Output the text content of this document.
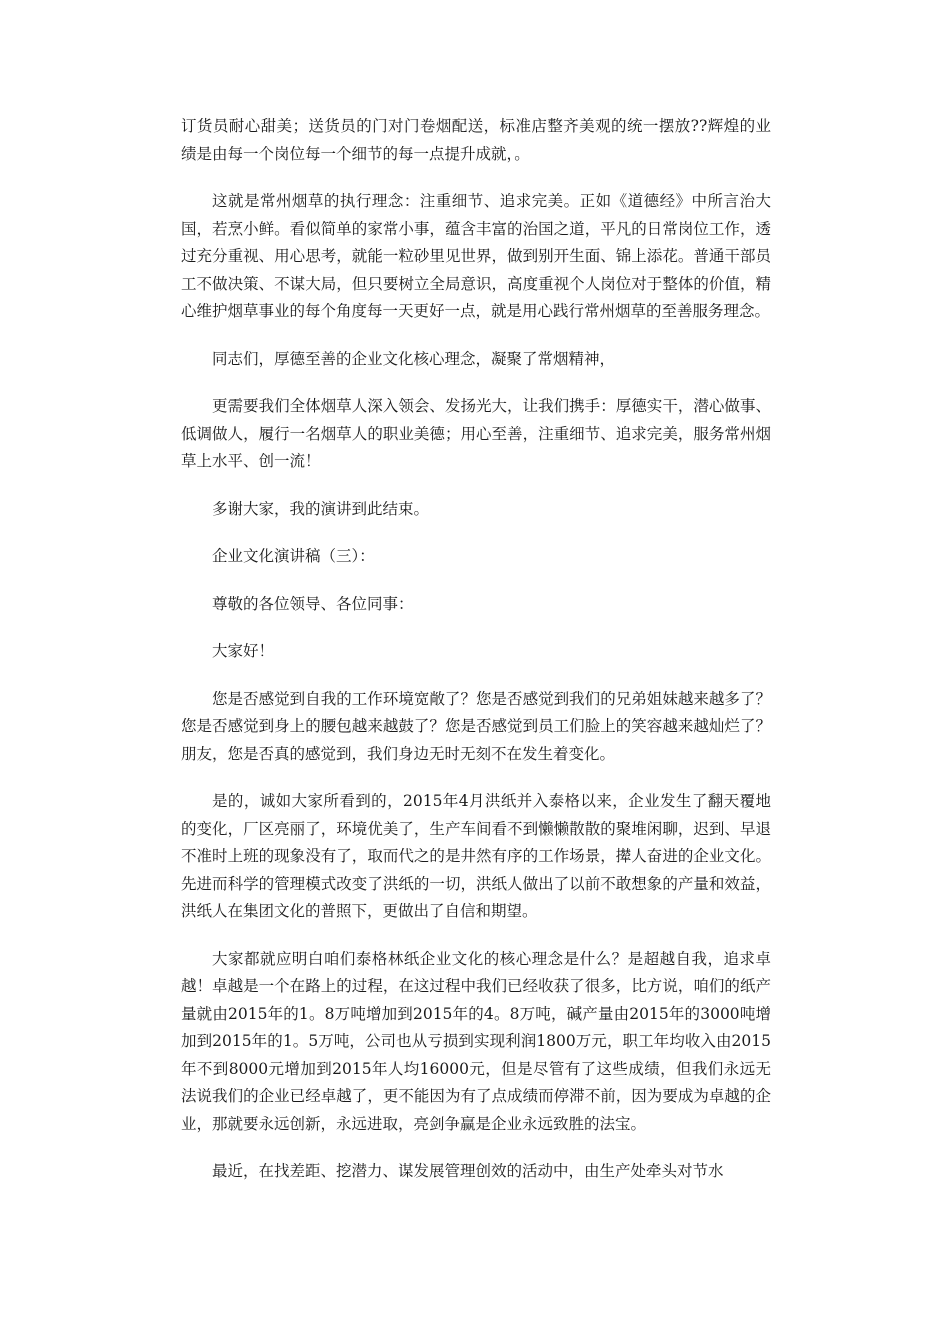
订货员耐心甜美；送货员的门对门卷烟配送，标准店整齐美观的统一摆放??辉煌的业绩是由每一个岗位每一个细节的每一点提升成就，。

这就是常州烟草的执行理念：注重细节、追求完美。正如《道德经》中所言治大国，若烹小鲜。看似简单的家常小事，蕴含丰富的治国之道，平凡的日常岗位工作，透过充分重视、用心思考，就能一粒砂里见世界，做到别开生面、锦上添花。普通干部员工不做决策、不谋大局，但只要树立全局意识，高度重视个人岗位对于整体的价值，精心维护烟草事业的每个角度每一天更好一点，就是用心践行常州烟草的至善服务理念。

同志们，厚德至善的企业文化核心理念，凝聚了常烟精神，

更需要我们全体烟草人深入领会、发扬光大，让我们携手：厚德实干，潜心做事、低调做人，履行一名烟草人的职业美德；用心至善，注重细节、追求完美，服务常州烟草上水平、创一流！

多谢大家，我的演讲到此结束。

企业文化演讲稿（三）：

尊敬的各位领导、各位同事：

大家好！

您是否感觉到自我的工作环境宽敞了？您是否感觉到我们的兄弟姐妹越来越多了？您是否感觉到身上的腰包越来越鼓了？您是否感觉到员工们脸上的笑容越来越灿烂了？朋友，您是否真的感觉到，我们身边无时无刻不在发生着变化。

是的，诚如大家所看到的，2015年4月洪纸并入泰格以来，企业发生了翻天覆地的变化，厂区亮丽了，环境优美了，生产车间看不到懒懒散散的聚堆闲聊，迟到、早退不准时上班的现象没有了，取而代之的是井然有序的工作场景，撵人奋进的企业文化。先进而科学的管理模式改变了洪纸的一切，洪纸人做出了以前不敢想象的产量和效益，洪纸人在集团文化的普照下，更做出了自信和期望。

大家都就应明白咱们泰格林纸企业文化的核心理念是什么？是超越自我，追求卓越！卓越是一个在路上的过程，在这过程中我们已经收获了很多，比方说，咱们的纸产量就由2015年的1。8万吨增加到2015年的4。8万吨，碱产量由2015年的3000吨增加到2015年的1。5万吨，公司也从亏损到实现利润1800万元，职工年均收入由2015年不到8000元增加到2015年人均16000元，但是尽管有了这些成绩，但我们永远无法说我们的企业已经卓越了，更不能因为有了点成绩而停滞不前，因为要成为卓越的企业，那就要永远创新，永远进取，亮剑争赢是企业永远致胜的法宝。

最近，在找差距、挖潜力、谋发展管理创效的活动中，由生产处牵头对节水
